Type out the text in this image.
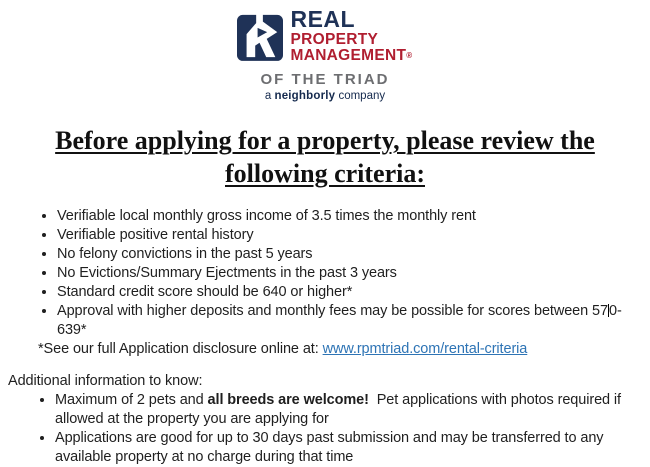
REAL
PROPERTY
MANAGEMENT®
OF THE TRIAD
a neighborly company
Before applying for a property, please review the
following criteria:
• Verifiable local monthly gross income of 3.5 times the monthly rent
• Verifiable positive rental history
• No felony convictions in the past 5 years
• No Evictions/Summary Ejectments in the past 3 years
• Standard credit score should be 640 or higher*
• Approval with higher deposits and monthly fees may be possible for scores between 570-639*
*See our full Application disclosure online at: www.rpmtriad.com/rental-criteria
Additional information to know:
• Maximum of 2 pets and all breeds are welcome!  Pet applications with photos required if allowed at the property you are applying for
• Applications are good for up to 30 days past submission and may be transferred to any available property at no charge during that time
